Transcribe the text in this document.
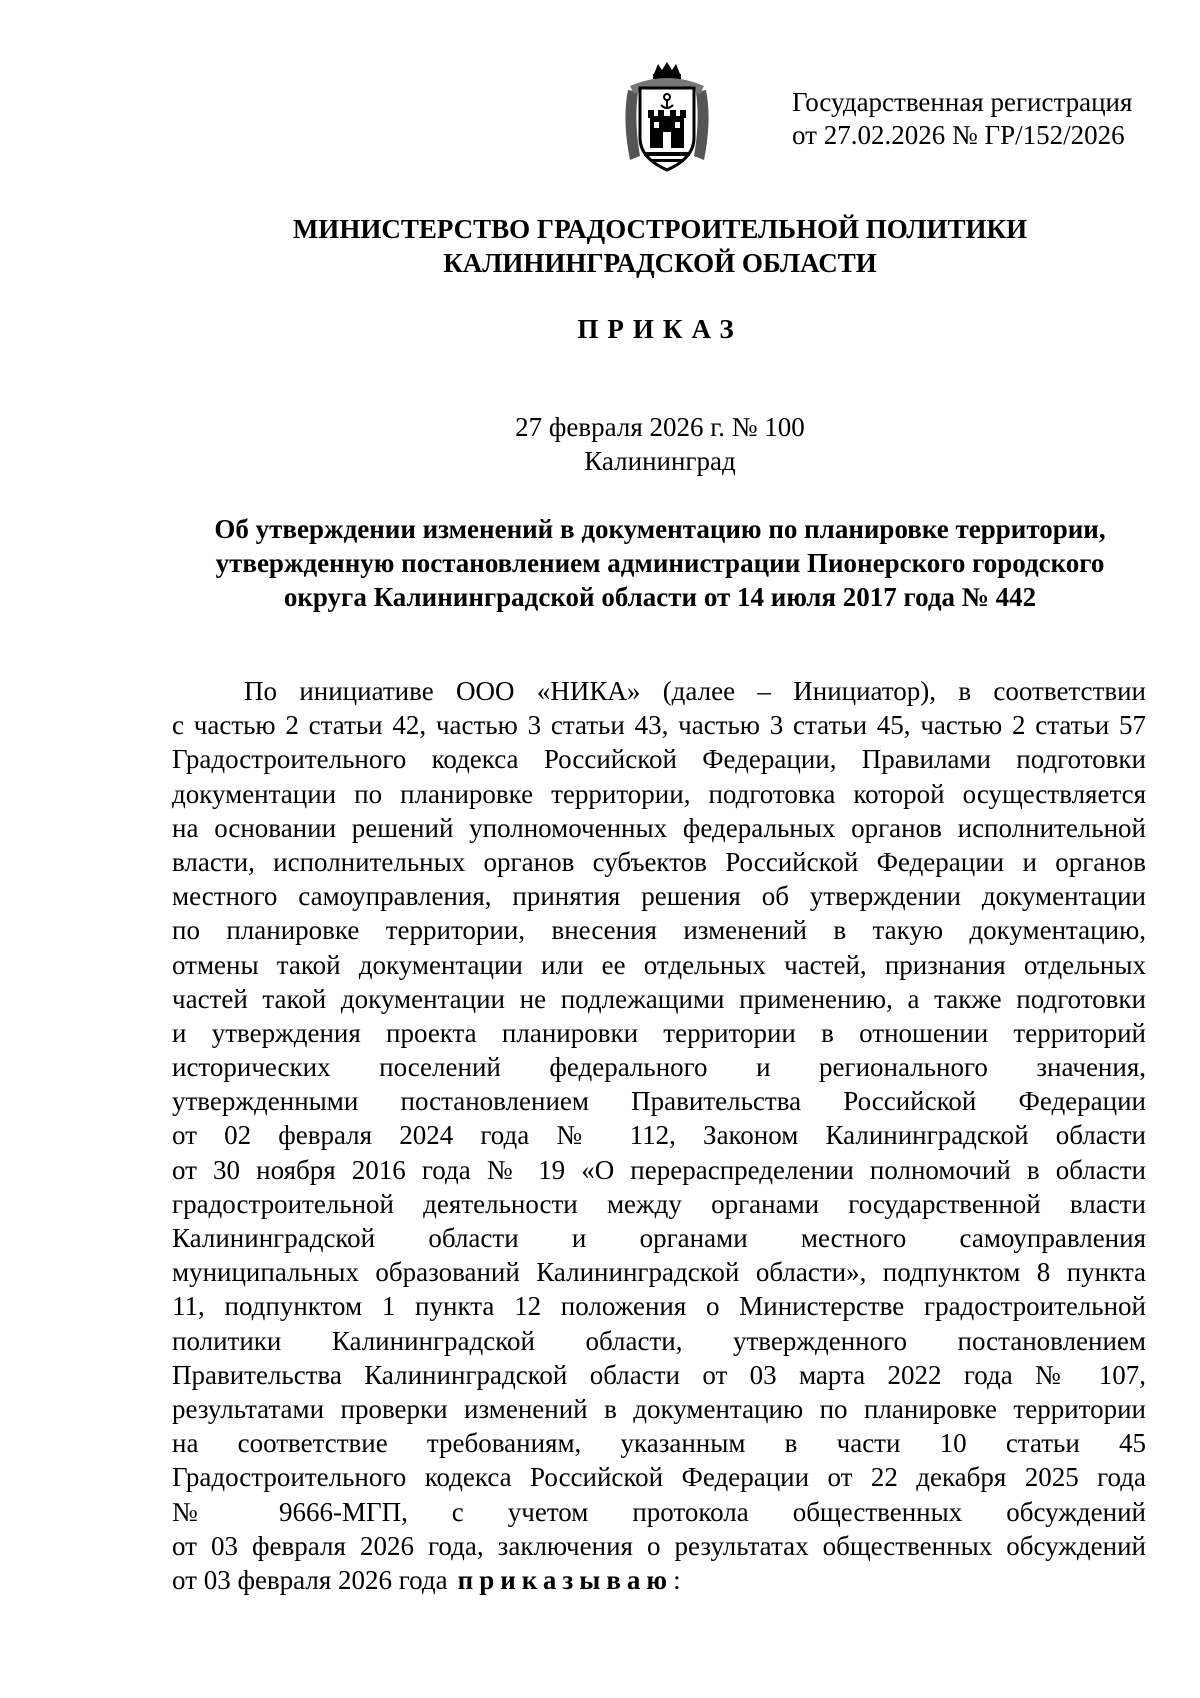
Государственная регистрация
от 27.02.2026 № ГР/152/2026
МИНИСТЕРСТВО ГРАДОСТРОИТЕЛЬНОЙ ПОЛИТИКИ
КАЛИНИНГРАДСКОЙ ОБЛАСТИ
ПРИКАЗ
27 февраля 2026 г. № 100
Калининград
Об утверждении изменений в документацию по планировке территории,
утвержденную постановлением администрации Пионерского городского
округа Калининградской области от 14 июля 2017 года № 442
По инициативе ООО «НИКА» (далее – Инициатор), в соответствии
с частью 2 статьи 42, частью 3 статьи 43, частью 3 статьи 45, частью 2 статьи 57
Градостроительного кодекса Российской Федерации, Правилами подготовки
документации по планировке территории, подготовка которой осуществляется
на основании решений уполномоченных федеральных органов исполнительной
власти, исполнительных органов субъектов Российской Федерации и органов
местного самоуправления, принятия решения об утверждении документации
по планировке территории, внесения изменений в такую документацию,
отмены такой документации или ее отдельных частей, признания отдельных
частей такой документации не подлежащими применению, а также подготовки
и утверждения проекта планировки территории в отношении территорий
исторических поселений федерального и регионального значения,
утвержденными постановлением Правительства Российской Федерации
от 02 февраля 2024 года № 112, Законом Калининградской области
от 30 ноября 2016 года № 19 «О перераспределении полномочий в области
градостроительной деятельности между органами государственной власти
Калининградской области и органами местного самоуправления
муниципальных образований Калининградской области», подпунктом 8 пункта
11, подпунктом 1 пункта 12 положения о Министерстве градостроительной
политики Калининградской области, утвержденного постановлением
Правительства Калининградской области от 03 марта 2022 года № 107,
результатами проверки изменений в документацию по планировке территории
на соответствие требованиям, указанным в части 10 статьи 45
Градостроительного кодекса Российской Федерации от 22 декабря 2025 года
№ 9666-МГП, с учетом протокола общественных обсуждений
от 03 февраля 2026 года, заключения о результатах общественных обсуждений
от 03 февраля 2026 года приказываю:
